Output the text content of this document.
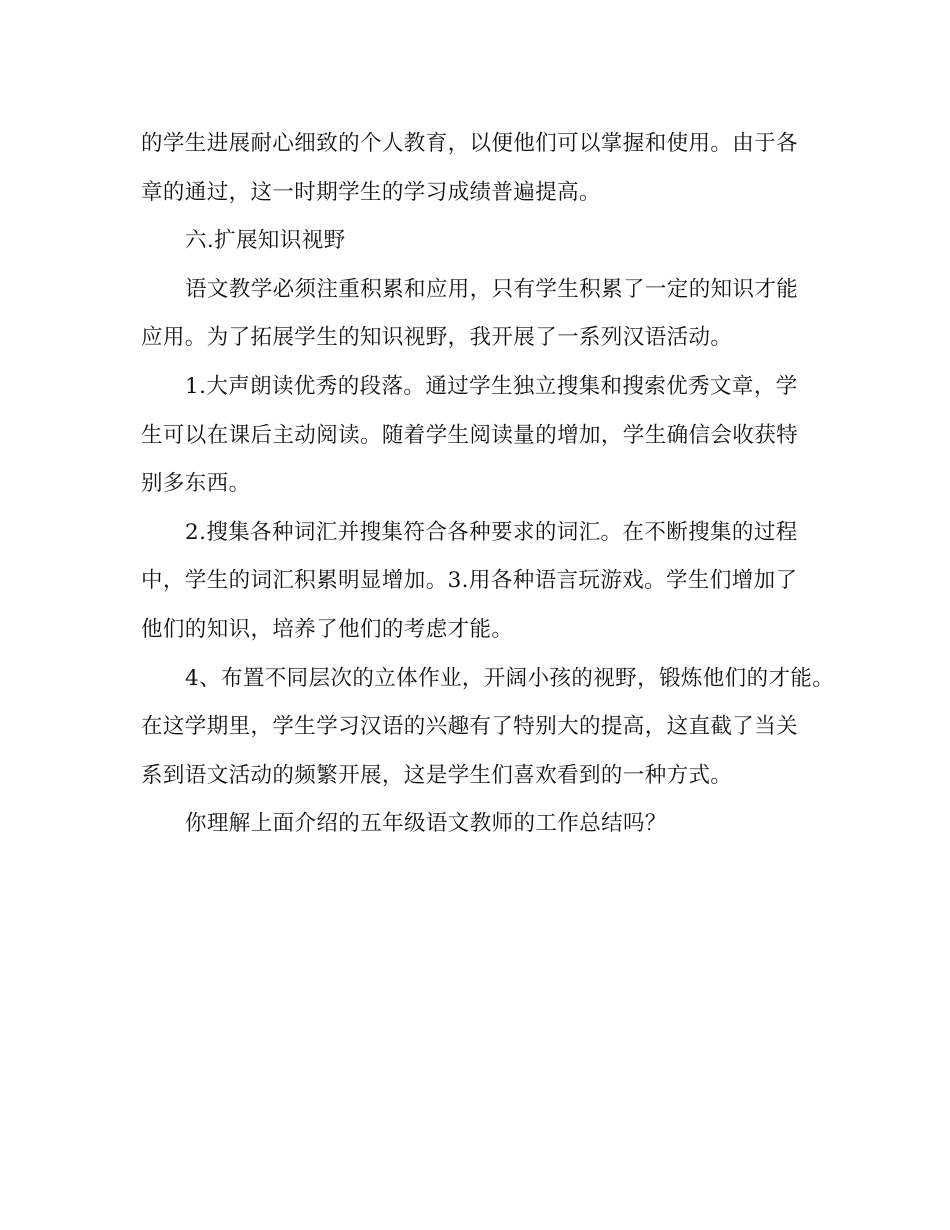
的学生进展耐心细致的个人教育，以便他们可以掌握和使用。由于各
章的通过，这一时期学生的学习成绩普遍提高。
六.扩展知识视野
语文教学必须注重积累和应用，只有学生积累了一定的知识才能
应用。为了拓展学生的知识视野，我开展了一系列汉语活动。
1.大声朗读优秀的段落。通过学生独立搜集和搜索优秀文章，学
生可以在课后主动阅读。随着学生阅读量的增加，学生确信会收获特
别多东西。
2.搜集各种词汇并搜集符合各种要求的词汇。在不断搜集的过程
中，学生的词汇积累明显增加。3.用各种语言玩游戏。学生们增加了
他们的知识，培养了他们的考虑才能。
4、布置不同层次的立体作业，开阔小孩的视野，锻炼他们的才能。
在这学期里，学生学习汉语的兴趣有了特别大的提高，这直截了当关
系到语文活动的频繁开展，这是学生们喜欢看到的一种方式。
你理解上面介绍的五年级语文教师的工作总结吗？
